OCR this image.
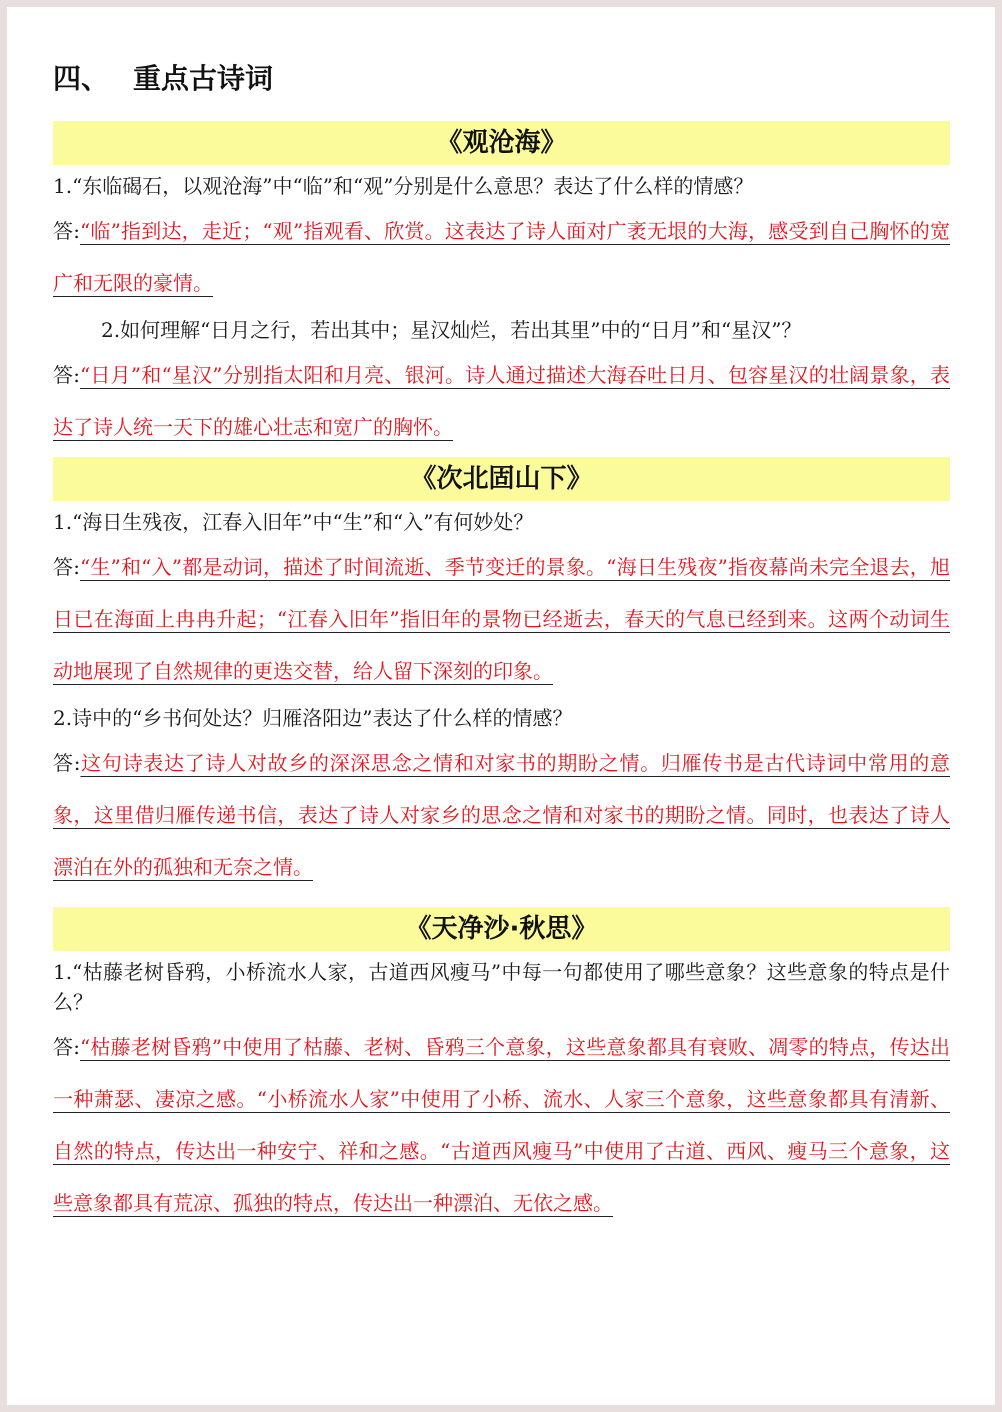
四、 重点古诗词
《观沧海》
1.“东临碣石，以观沧海”中“临”和“观”分别是什么意思？表达了什么样的情感？
答:“临”指到达，走近；“观”指观看、欣赏。这表达了诗人面对广袤无垠的大海，感受到自己胸怀的宽广和无限的豪情。
2.如何理解“日月之行，若出其中；星汉灿烂，若出其里”中的“日月”和“星汉”？
答:“日月”和“星汉”分别指太阳和月亮、银河。诗人通过描述大海吞吐日月、包容星汉的壮阔景象，表达了诗人统一天下的雄心壮志和宽广的胸怀。
《次北固山下》
1.“海日生残夜，江春入旧年”中“生”和“入”有何妙处？
答:“生”和“入”都是动词，描述了时间流逝、季节变迁的景象。“海日生残夜”指夜幕尚未完全退去，旭日已在海面上冉冉升起；“江春入旧年”指旧年的景物已经逝去，春天的气息已经到来。这两个动词生动地展现了自然规律的更迭交替，给人留下深刻的印象。
2.诗中的“乡书何处达？归雁洛阳边”表达了什么样的情感？
答:这句诗表达了诗人对故乡的深深思念之情和对家书的期盼之情。归雁传书是古代诗词中常用的意象，这里借归雁传递书信，表达了诗人对家乡的思念之情和对家书的期盼之情。同时，也表达了诗人漂泊在外的孤独和无奈之情。
《天净沙·秋思》
1.“枯藤老树昏鸦，小桥流水人家，古道西风瘦马”中每一句都使用了哪些意象？这些意象的特点是什么？
答:“枯藤老树昏鸦”中使用了枯藤、老树、昏鸦三个意象，这些意象都具有衰败、凋零的特点，传达出一种萧瑟、凄凉之感。“小桥流水人家”中使用了小桥、流水、人家三个意象，这些意象都具有清新、自然的特点，传达出一种安宁、祥和之感。“古道西风瘦马”中使用了古道、西风、瘦马三个意象，这些意象都具有荒凉、孤独的特点，传达出一种漂泊、无依之感。
